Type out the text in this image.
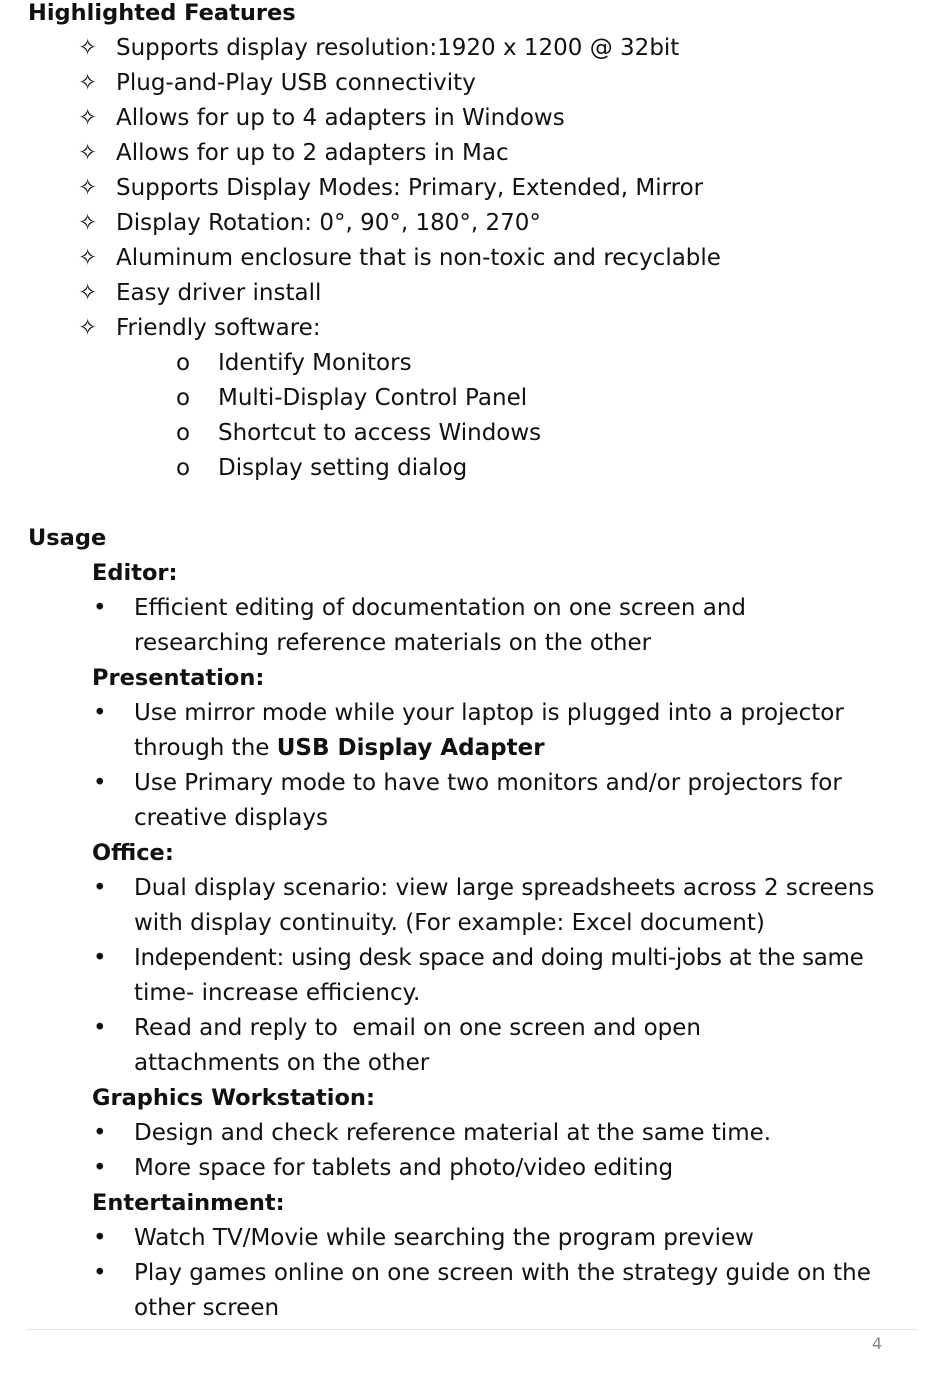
Highlighted Features
✧ Supports display resolution:1920 x 1200 @ 32bit
✧ Plug-and-Play USB connectivity
✧ Allows for up to 4 adapters in Windows
✧ Allows for up to 2 adapters in Mac
✧ Supports Display Modes: Primary, Extended, Mirror
✧ Display Rotation: 0°, 90°, 180°, 270°
✧ Aluminum enclosure that is non-toxic and recyclable
✧ Easy driver install
✧ Friendly software:
o Identify Monitors
o Multi-Display Control Panel
o Shortcut to access Windows
o Display setting dialog
Usage
Editor:
• Efficient editing of documentation on one screen and
researching reference materials on the other
Presentation:
• Use mirror mode while your laptop is plugged into a projector
through the USB Display Adapter
• Use Primary mode to have two monitors and/or projectors for
creative displays
Office:
• Dual display scenario: view large spreadsheets across 2 screens
with display continuity. (For example: Excel document)
• Independent: using desk space and doing multi-jobs at the same
time- increase efficiency.
• Read and reply to  email on one screen and open
attachments on the other
Graphics Workstation:
• Design and check reference material at the same time.
• More space for tablets and photo/video editing
Entertainment:
• Watch TV/Movie while searching the program preview
• Play games online on one screen with the strategy guide on the
other screen
4
